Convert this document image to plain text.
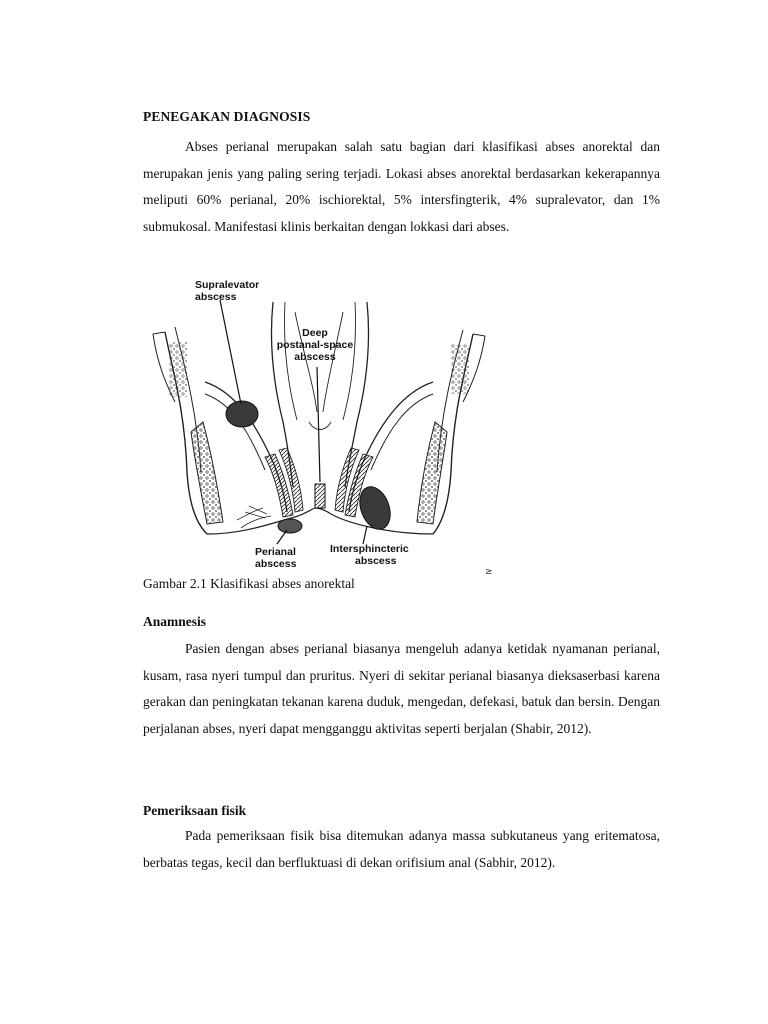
PENEGAKAN DIAGNOSIS

Abses perianal merupakan salah satu bagian dari klasifikasi abses anorektal dan merupakan jenis yang paling sering terjadi. Lokasi abses anorektal berdasarkan kekerapannya meliputi 60% perianal, 20% ischiorektal, 5% intersfingterik, 4% supralevator, dan 1% submukosal. Manifestasi klinis berkaitan dengan lokkasi dari abses.

Supralevator
abscess
Deep
postanal-space
abscess
Perianal
abscess
Intersphincteric
abscess
≥
Gambar 2.1 Klasifikasi abses anorektal
Anamnesis

Pasien dengan abses perianal biasanya mengeluh adanya ketidak nyamanan perianal, kusam, rasa nyeri tumpul dan pruritus. Nyeri di sekitar perianal biasanya dieksaserbasi karena gerakan dan peningkatan tekanan karena duduk, mengedan, defekasi, batuk dan bersin. Dengan perjalanan abses, nyeri dapat mengganggu aktivitas seperti berjalan (Shabir, 2012).

Pemeriksaan fisik

Pada pemeriksaan fisik bisa ditemukan adanya massa subkutaneus yang eritematosa, berbatas tegas, kecil dan berfluktuasi di dekan orifisium anal (Sabhir, 2012).
